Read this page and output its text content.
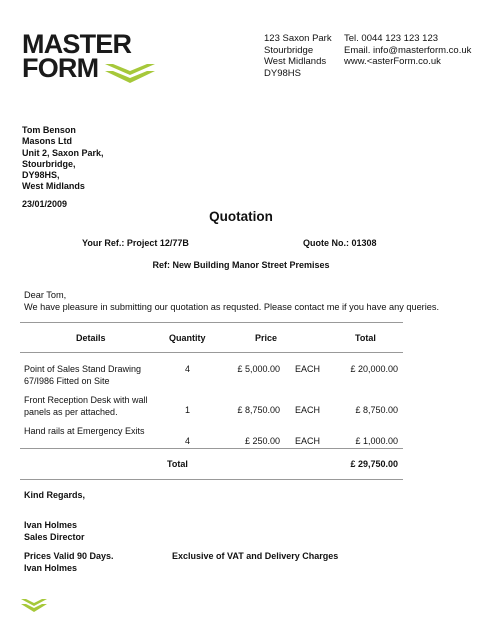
MASTER
FORM
123 Saxon Park
Stourbridge
West Midlands
DY98HS
Tel. 0044 123 123 123
Email. info@masterform.co.uk
www.<asterForm.co.uk
Tom Benson
Masons Ltd
Unit 2, Saxon Park,
Stourbridge,
DY98HS,
West Midlands
23/01/2009
Quotation
Your Ref.: Project 12/77B	Quote No.: 01308
Ref: New Building Manor Street Premises
Dear Tom,
We have pleasure in submitting our quotation as requsted. Please contact me if you have any queries.
Details	Quantity	Price	Total
Point of Sales Stand Drawing
67/I986 Fitted on Site
4	£ 5,000.00 EACH	£ 20,000.00
Front Reception Desk with wall
panels as per attached.	1	£ 8,750.00 EACH	£ 8,750.00
Hand rails at Emergency Exits
4	£ 250.00 EACH	£ 1,000.00
Total	£ 29,750.00
Kind Regards,
Ivan Holmes
Sales Director
Prices Valid 90 Days.
Ivan Holmes
Exclusive of VAT and Delivery Charges
